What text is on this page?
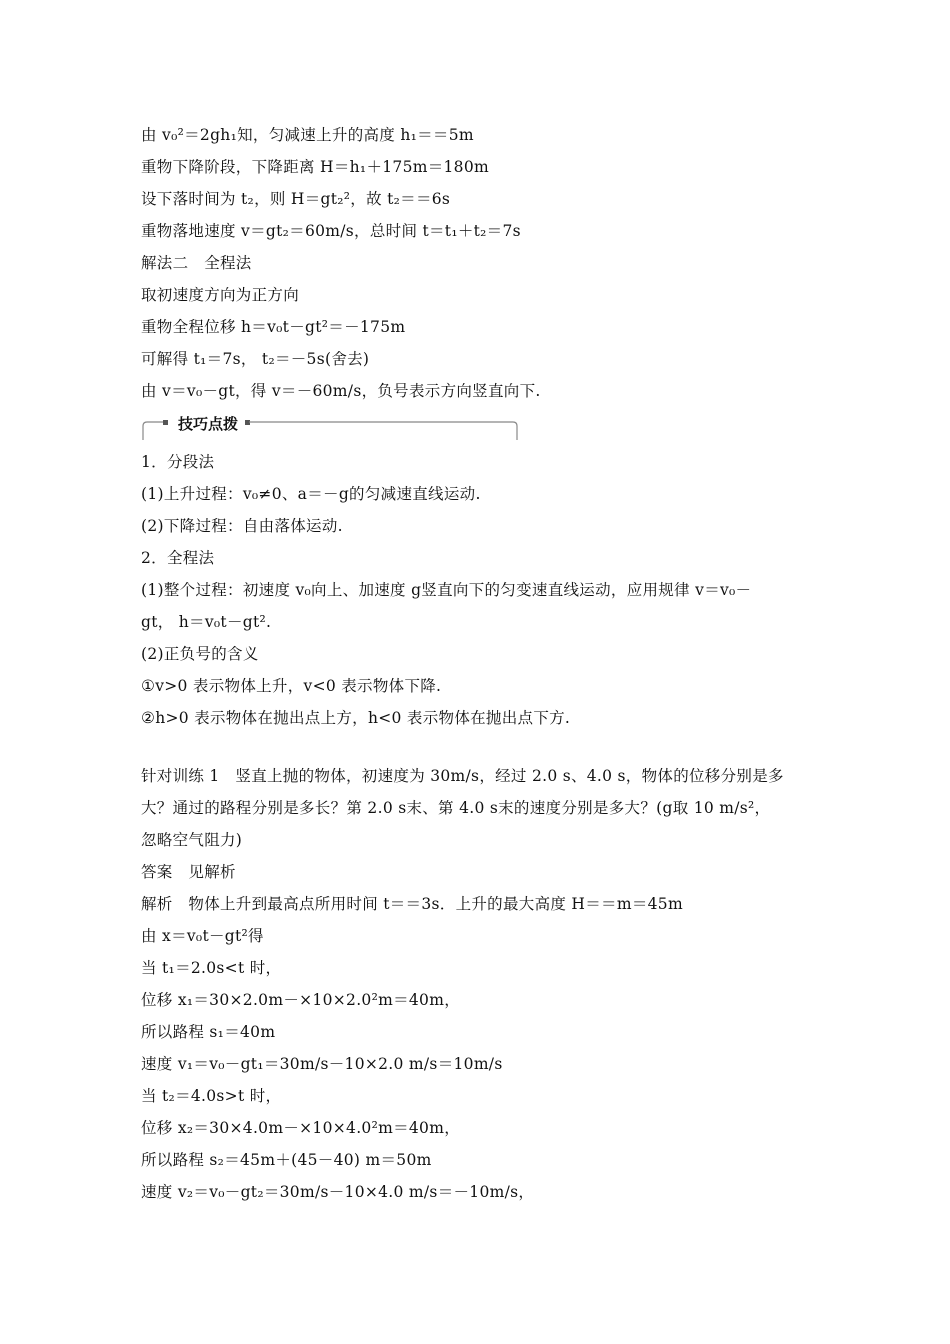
由 v₀²＝2gh₁知，匀减速上升的高度 h₁＝＝5m
重物下降阶段，下降距离 H＝h₁＋175m＝180m
设下落时间为 t₂，则 H＝gt₂²，故 t₂＝＝6s
重物落地速度 v＝gt₂＝60m/s，总时间 t＝t₁＋t₂＝7s
解法二　全程法
取初速度方向为正方向
重物全程位移 h＝v₀t－gt²＝－175m
可解得 t₁＝7s， t₂＝－5s(舍去)
由 v＝v₀－gt，得 v＝－60m/s，负号表示方向竖直向下.
技巧点拨
1．分段法
(1)上升过程：v₀≠0、a＝－g的匀减速直线运动.
(2)下降过程：自由落体运动.
2．全程法
(1)整个过程：初速度 v₀向上、加速度 g竖直向下的匀变速直线运动，应用规律 v＝v₀－
gt， h＝v₀t－gt².
(2)正负号的含义
①v>0 表示物体上升，v<0 表示物体下降.
②h>0 表示物体在抛出点上方，h<0 表示物体在抛出点下方.
针对训练 1　竖直上抛的物体，初速度为 30m/s，经过 2.0 s、4.0 s，物体的位移分别是多
大？通过的路程分别是多长？第 2.0 s末、第 4.0 s末的速度分别是多大？(g取 10 m/s²，
忽略空气阻力)
答案　见解析
解析　物体上升到最高点所用时间 t＝＝3s．上升的最大高度 H＝＝m＝45m
由 x＝v₀t－gt²得
当 t₁＝2.0s<t 时，
位移 x₁＝30×2.0m－×10×2.0²m＝40m，
所以路程 s₁＝40m
速度 v₁＝v₀－gt₁＝30m/s－10×2.0 m/s＝10m/s
当 t₂＝4.0s>t 时，
位移 x₂＝30×4.0m－×10×4.0²m＝40m，
所以路程 s₂＝45m＋(45－40) m＝50m
速度 v₂＝v₀－gt₂＝30m/s－10×4.0 m/s＝－10m/s，
